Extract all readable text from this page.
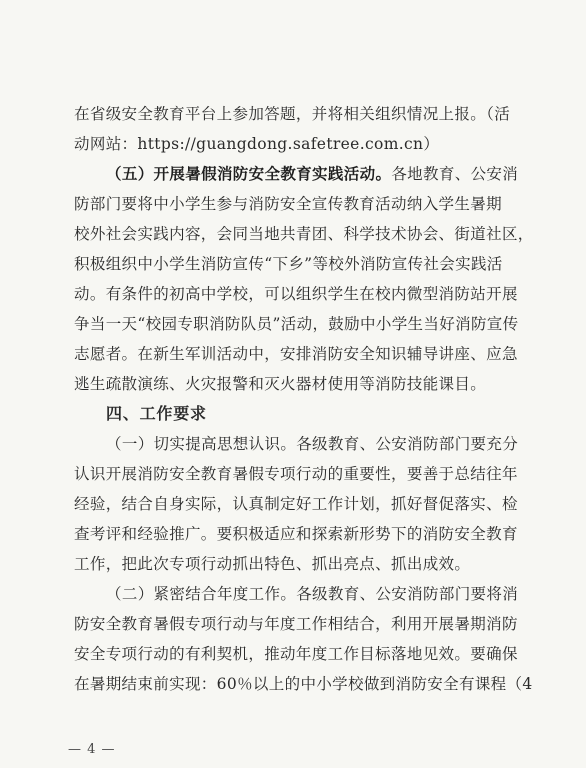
在省级安全教育平台上参加答题，并将相关组织情况上报。（活
动网站：https://guangdong.safetree.com.cn）
（五）开展暑假消防安全教育实践活动。各地教育、公安消
防部门要将中小学生参与消防安全宣传教育活动纳入学生暑期
校外社会实践内容，会同当地共青团、科学技术协会、街道社区，
积极组织中小学生消防宣传“下乡”等校外消防宣传社会实践活
动。有条件的初高中学校，可以组织学生在校内微型消防站开展
争当一天“校园专职消防队员”活动，鼓励中小学生当好消防宣传
志愿者。在新生军训活动中，安排消防安全知识辅导讲座、应急
逃生疏散演练、火灾报警和灭火器材使用等消防技能课目。
四、工作要求
（一）切实提高思想认识。各级教育、公安消防部门要充分
认识开展消防安全教育暑假专项行动的重要性，要善于总结往年
经验，结合自身实际，认真制定好工作计划，抓好督促落实、检
查考评和经验推广。要积极适应和探索新形势下的消防安全教育
工作，把此次专项行动抓出特色、抓出亮点、抓出成效。
（二）紧密结合年度工作。各级教育、公安消防部门要将消
防安全教育暑假专项行动与年度工作相结合，利用开展暑期消防
安全专项行动的有利契机，推动年度工作目标落地见效。要确保
在暑期结束前实现：60％以上的中小学校做到消防安全有课程（4
— 4 —
